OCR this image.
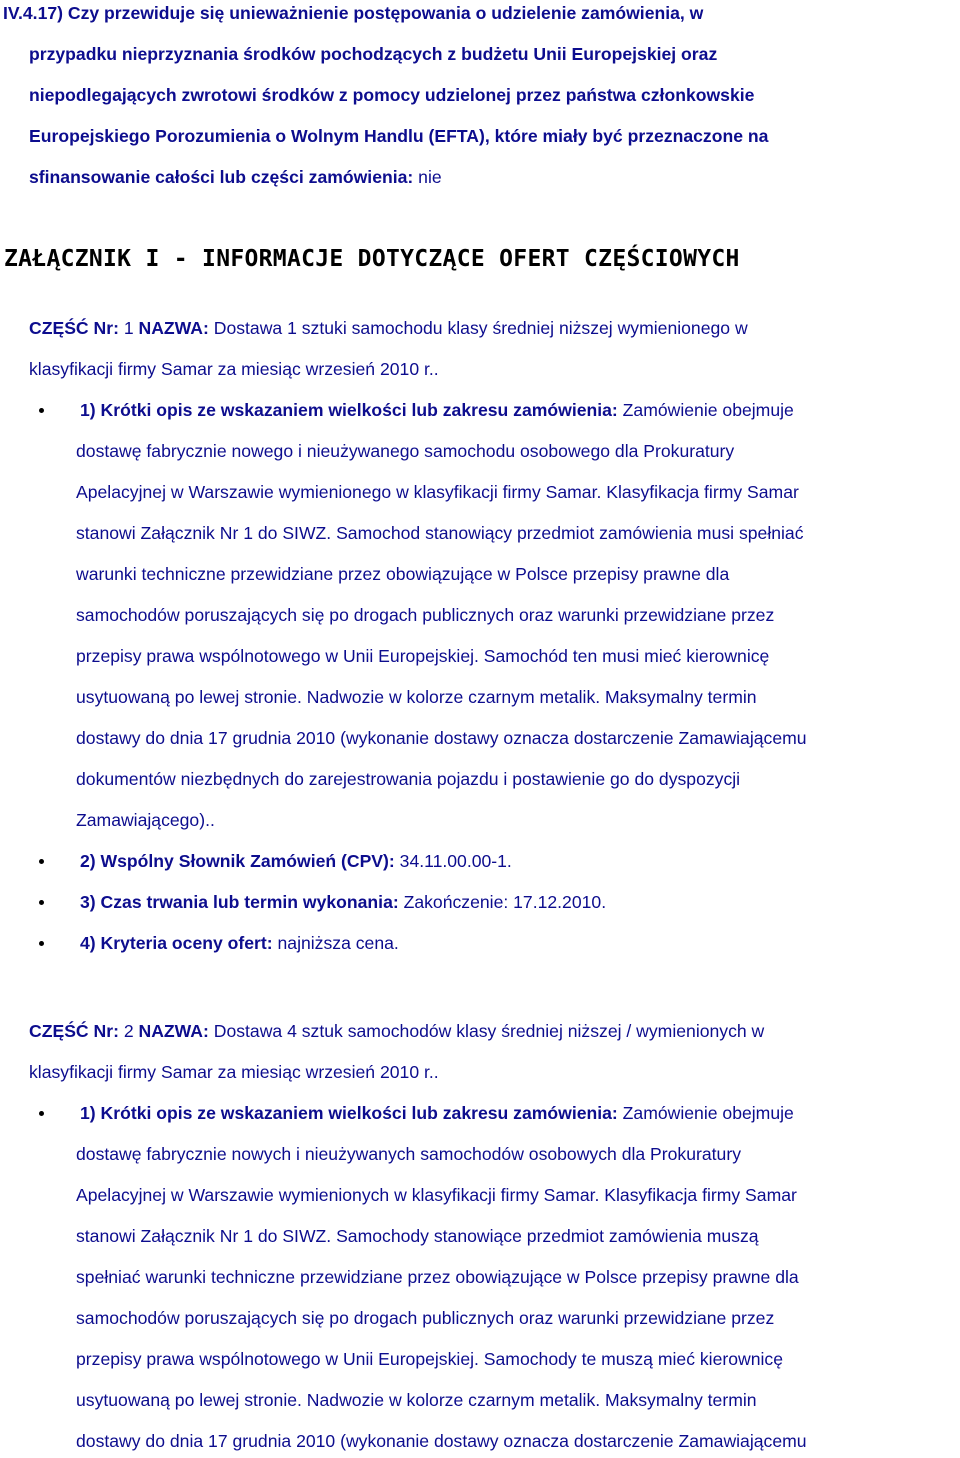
IV.4.17) Czy przewiduje się unieważnienie postępowania o udzielenie zamówienia, w
przypadku nieprzyznania środków pochodzących z budżetu Unii Europejskiej oraz
niepodlegających zwrotowi środków z pomocy udzielonej przez państwa członkowskie
Europejskiego Porozumienia o Wolnym Handlu (EFTA), które miały być przeznaczone na
sfinansowanie całości lub części zamówienia: nie
ZAŁĄCZNIK I - INFORMACJE DOTYCZĄCE OFERT CZĘŚCIOWYCH
CZĘŚĆ Nr: 1 NAZWA: Dostawa 1 sztuki samochodu klasy średniej niższej wymienionego w
klasyfikacji firmy Samar za miesiąc wrzesień 2010 r..
1) Krótki opis ze wskazaniem wielkości lub zakresu zamówienia: Zamówienie obejmuje
dostawę fabrycznie nowego i nieużywanego samochodu osobowego dla Prokuratury
Apelacyjnej w Warszawie wymienionego w klasyfikacji firmy Samar. Klasyfikacja firmy Samar
stanowi Załącznik Nr 1 do SIWZ. Samochod stanowiący przedmiot zamówienia musi spełniać
warunki techniczne przewidziane przez obowiązujące w Polsce przepisy prawne dla
samochodów poruszających się po drogach publicznych oraz warunki przewidziane przez
przepisy prawa wspólnotowego w Unii Europejskiej. Samochód ten musi mieć kierownicę
usytuowaną po lewej stronie. Nadwozie w kolorze czarnym metalik. Maksymalny termin
dostawy do dnia 17 grudnia 2010 (wykonanie dostawy oznacza dostarczenie Zamawiającemu
dokumentów niezbędnych do zarejestrowania pojazdu i postawienie go do dyspozycji
Zamawiającego)..
2) Wspólny Słownik Zamówień (CPV): 34.11.00.00-1.
3) Czas trwania lub termin wykonania: Zakończenie: 17.12.2010.
4) Kryteria oceny ofert: najniższa cena.
CZĘŚĆ Nr: 2 NAZWA: Dostawa 4 sztuk samochodów klasy średniej niższej / wymienionych w
klasyfikacji firmy Samar za miesiąc wrzesień 2010 r..
1) Krótki opis ze wskazaniem wielkości lub zakresu zamówienia: Zamówienie obejmuje
dostawę fabrycznie nowych i nieużywanych samochodów osobowych dla Prokuratury
Apelacyjnej w Warszawie wymienionych w klasyfikacji firmy Samar. Klasyfikacja firmy Samar
stanowi Załącznik Nr 1 do SIWZ. Samochody stanowiące przedmiot zamówienia muszą
spełniać warunki techniczne przewidziane przez obowiązujące w Polsce przepisy prawne dla
samochodów poruszających się po drogach publicznych oraz warunki przewidziane przez
przepisy prawa wspólnotowego w Unii Europejskiej. Samochody te muszą mieć kierownicę
usytuowaną po lewej stronie. Nadwozie w kolorze czarnym metalik. Maksymalny termin
dostawy do dnia 17 grudnia 2010 (wykonanie dostawy oznacza dostarczenie Zamawiającemu
